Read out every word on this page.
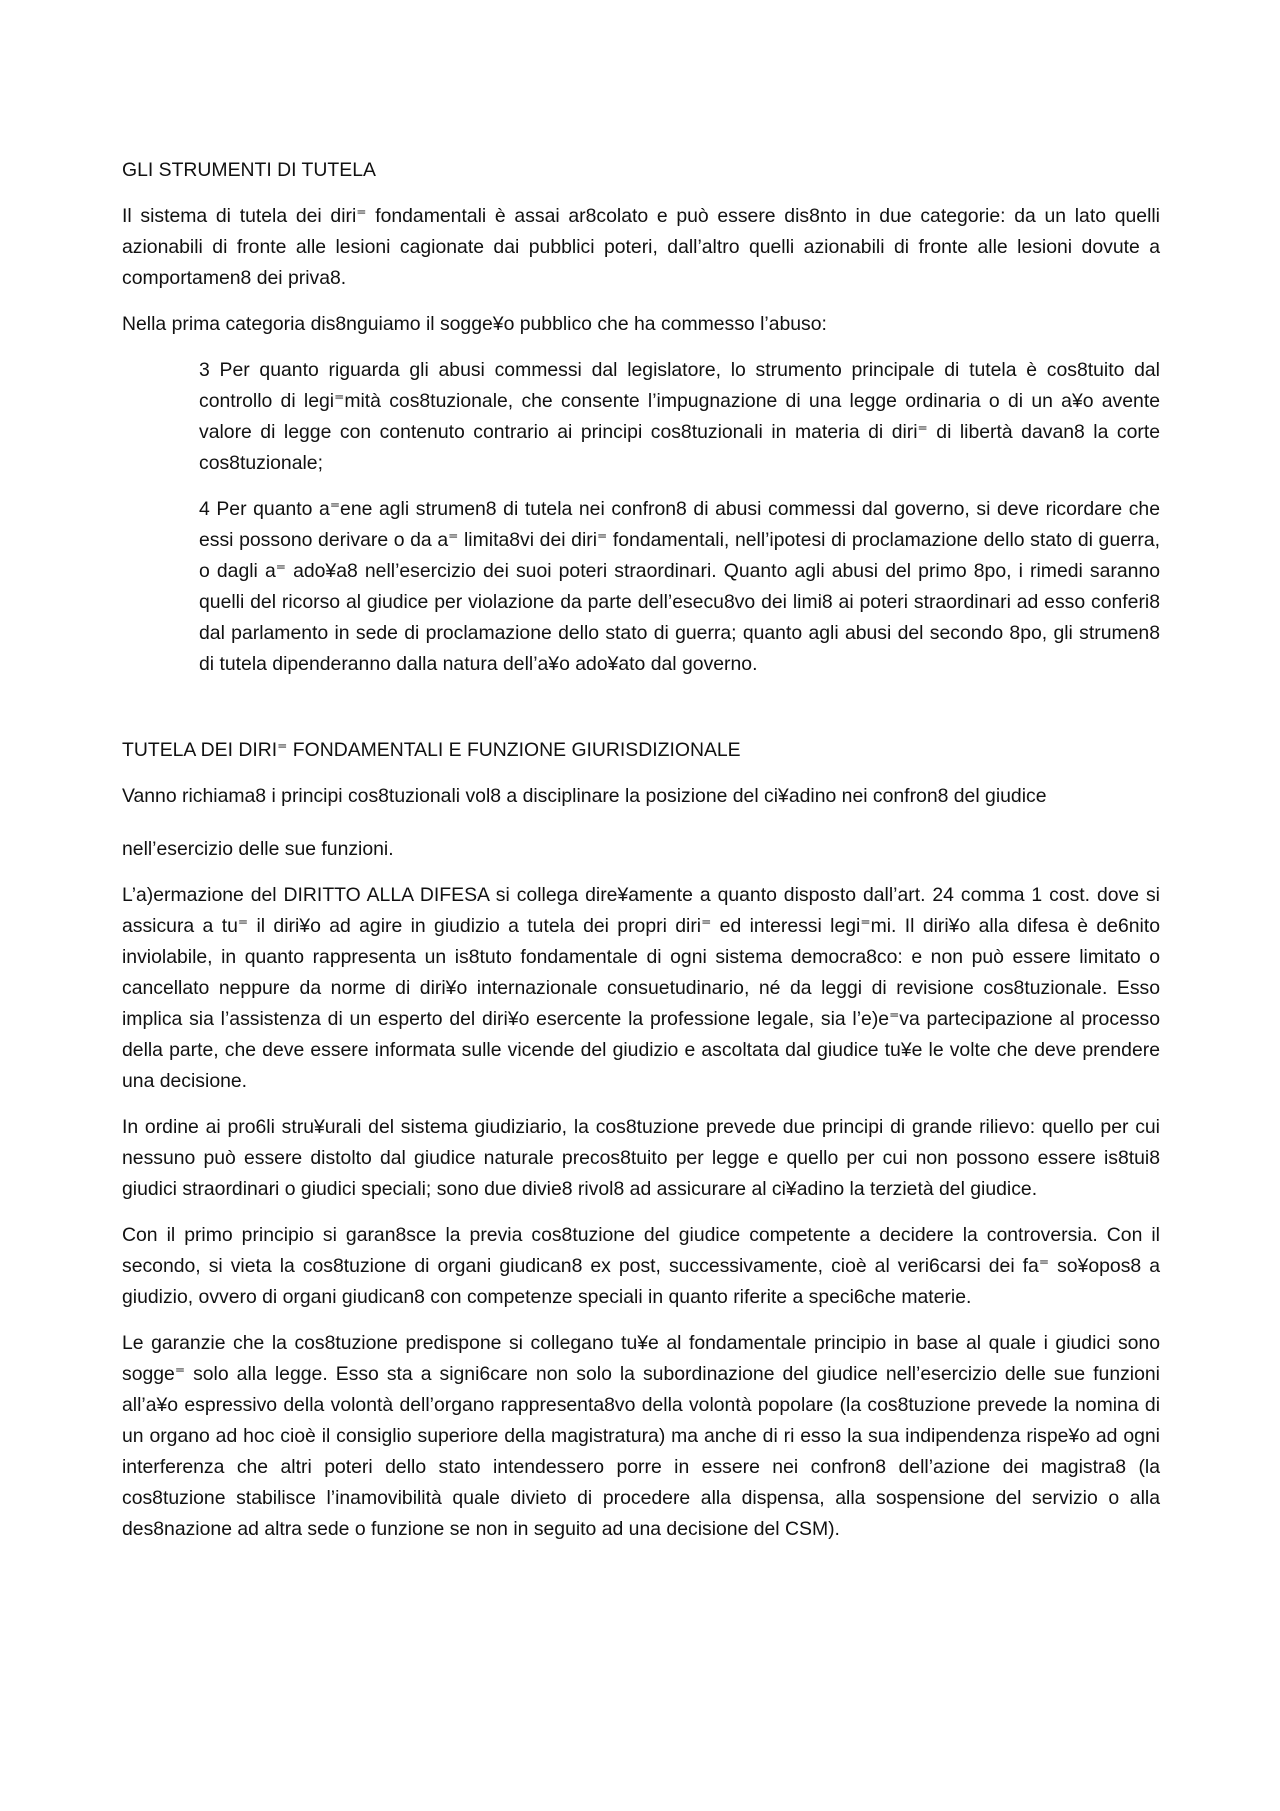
GLI STRUMENTI DI TUTELA

Il sistema di tutela dei diri⁼ fondamentali è assai ar8colato e può essere dis8nto in due categorie: da un lato quelli azionabili di fronte alle lesioni cagionate dai pubblici poteri, dall’altro quelli azionabili di fronte alle lesioni dovute a comportamen8 dei priva8.

Nella prima categoria dis8nguiamo il sogge¥o pubblico che ha commesso l’abuso:

3 Per quanto riguarda gli abusi commessi dal legislatore, lo strumento principale di tutela è cos8tuito dal controllo di legi⁼mità cos8tuzionale, che consente l’impugnazione di una legge ordinaria o di un a¥o avente valore di legge con contenuto contrario ai principi cos8tuzionali in materia di diri⁼ di libertà davan8 la corte cos8tuzionale;

4 Per quanto a⁼ene agli strumen8 di tutela nei confron8 di abusi commessi dal governo, si deve ricordare che essi possono derivare o da a⁼ limita8vi dei diri⁼ fondamentali, nell’ipotesi di proclamazione dello stato di guerra, o dagli a⁼ ado¥a8 nell’esercizio dei suoi poteri straordinari. Quanto agli abusi del primo 8po, i rimedi saranno quelli del ricorso al giudice per violazione da parte dell’esecu8vo dei limi8 ai poteri straordinari ad esso conferi8 dal parlamento in sede di proclamazione dello stato di guerra; quanto agli abusi del secondo 8po, gli strumen8 di tutela dipenderanno dalla natura dell’a¥o ado¥ato dal governo.

TUTELA DEI DIRI⁼ FONDAMENTALI E FUNZIONE GIURISDIZIONALE

Vanno richiama8 i principi cos8tuzionali vol8 a disciplinare la posizione del ci¥adino nei confron8 del giudice

nell’esercizio delle sue funzioni.

L’a)ermazione del DIRITTO ALLA DIFESA si collega dire¥amente a quanto disposto dall’art. 24 comma 1 cost. dove si assicura a tu⁼ il diri¥o ad agire in giudizio a tutela dei propri diri⁼ ed interessi legi⁼mi. Il diri¥o alla difesa è de6nito inviolabile, in quanto rappresenta un is8tuto fondamentale di ogni sistema democra8co: e non può essere limitato o cancellato neppure da norme di diri¥o internazionale consuetudinario, né da leggi di revisione cos8tuzionale. Esso implica sia l’assistenza di un esperto del diri¥o esercente la professione legale, sia l’e)e⁼va partecipazione al processo della parte, che deve essere informata sulle vicende del giudizio e ascoltata dal giudice tu¥e le volte che deve prendere una decisione.

In ordine ai pro6li stru¥urali del sistema giudiziario, la cos8tuzione prevede due principi di grande rilievo: quello per cui nessuno può essere distolto dal giudice naturale precos8tuito per legge e quello per cui non possono essere is8tui8 giudici straordinari o giudici speciali; sono due divie8 rivol8 ad assicurare al ci¥adino la terzietà del giudice.

Con il primo principio si garan8sce la previa cos8tuzione del giudice competente a decidere la controversia. Con il secondo, si vieta la cos8tuzione di organi giudican8 ex post, successivamente, cioè al veri6carsi dei fa⁼ so¥opos8 a giudizio, ovvero di organi giudican8 con competenze speciali in quanto riferite a speci6che materie.

Le garanzie che la cos8tuzione predispone si collegano tu¥e al fondamentale principio in base al quale i giudici sono sogge⁼ solo alla legge. Esso sta a signi6care non solo la subordinazione del giudice nell’esercizio delle sue funzioni all’a¥o espressivo della volontà dell’organo rappresenta8vo della volontà popolare (la cos8tuzione prevede la nomina di un organo ad hoc cioè il consiglio superiore della magistratura) ma anche di ri esso la sua indipendenza rispe¥o ad ogni interferenza che altri poteri dello stato intendessero porre in essere nei confron8 dell’azione dei magistra8 (la cos8tuzione stabilisce l’inamovibilità quale divieto di procedere alla dispensa, alla sospensione del servizio o alla des8nazione ad altra sede o funzione se non in seguito ad una decisione del CSM).
